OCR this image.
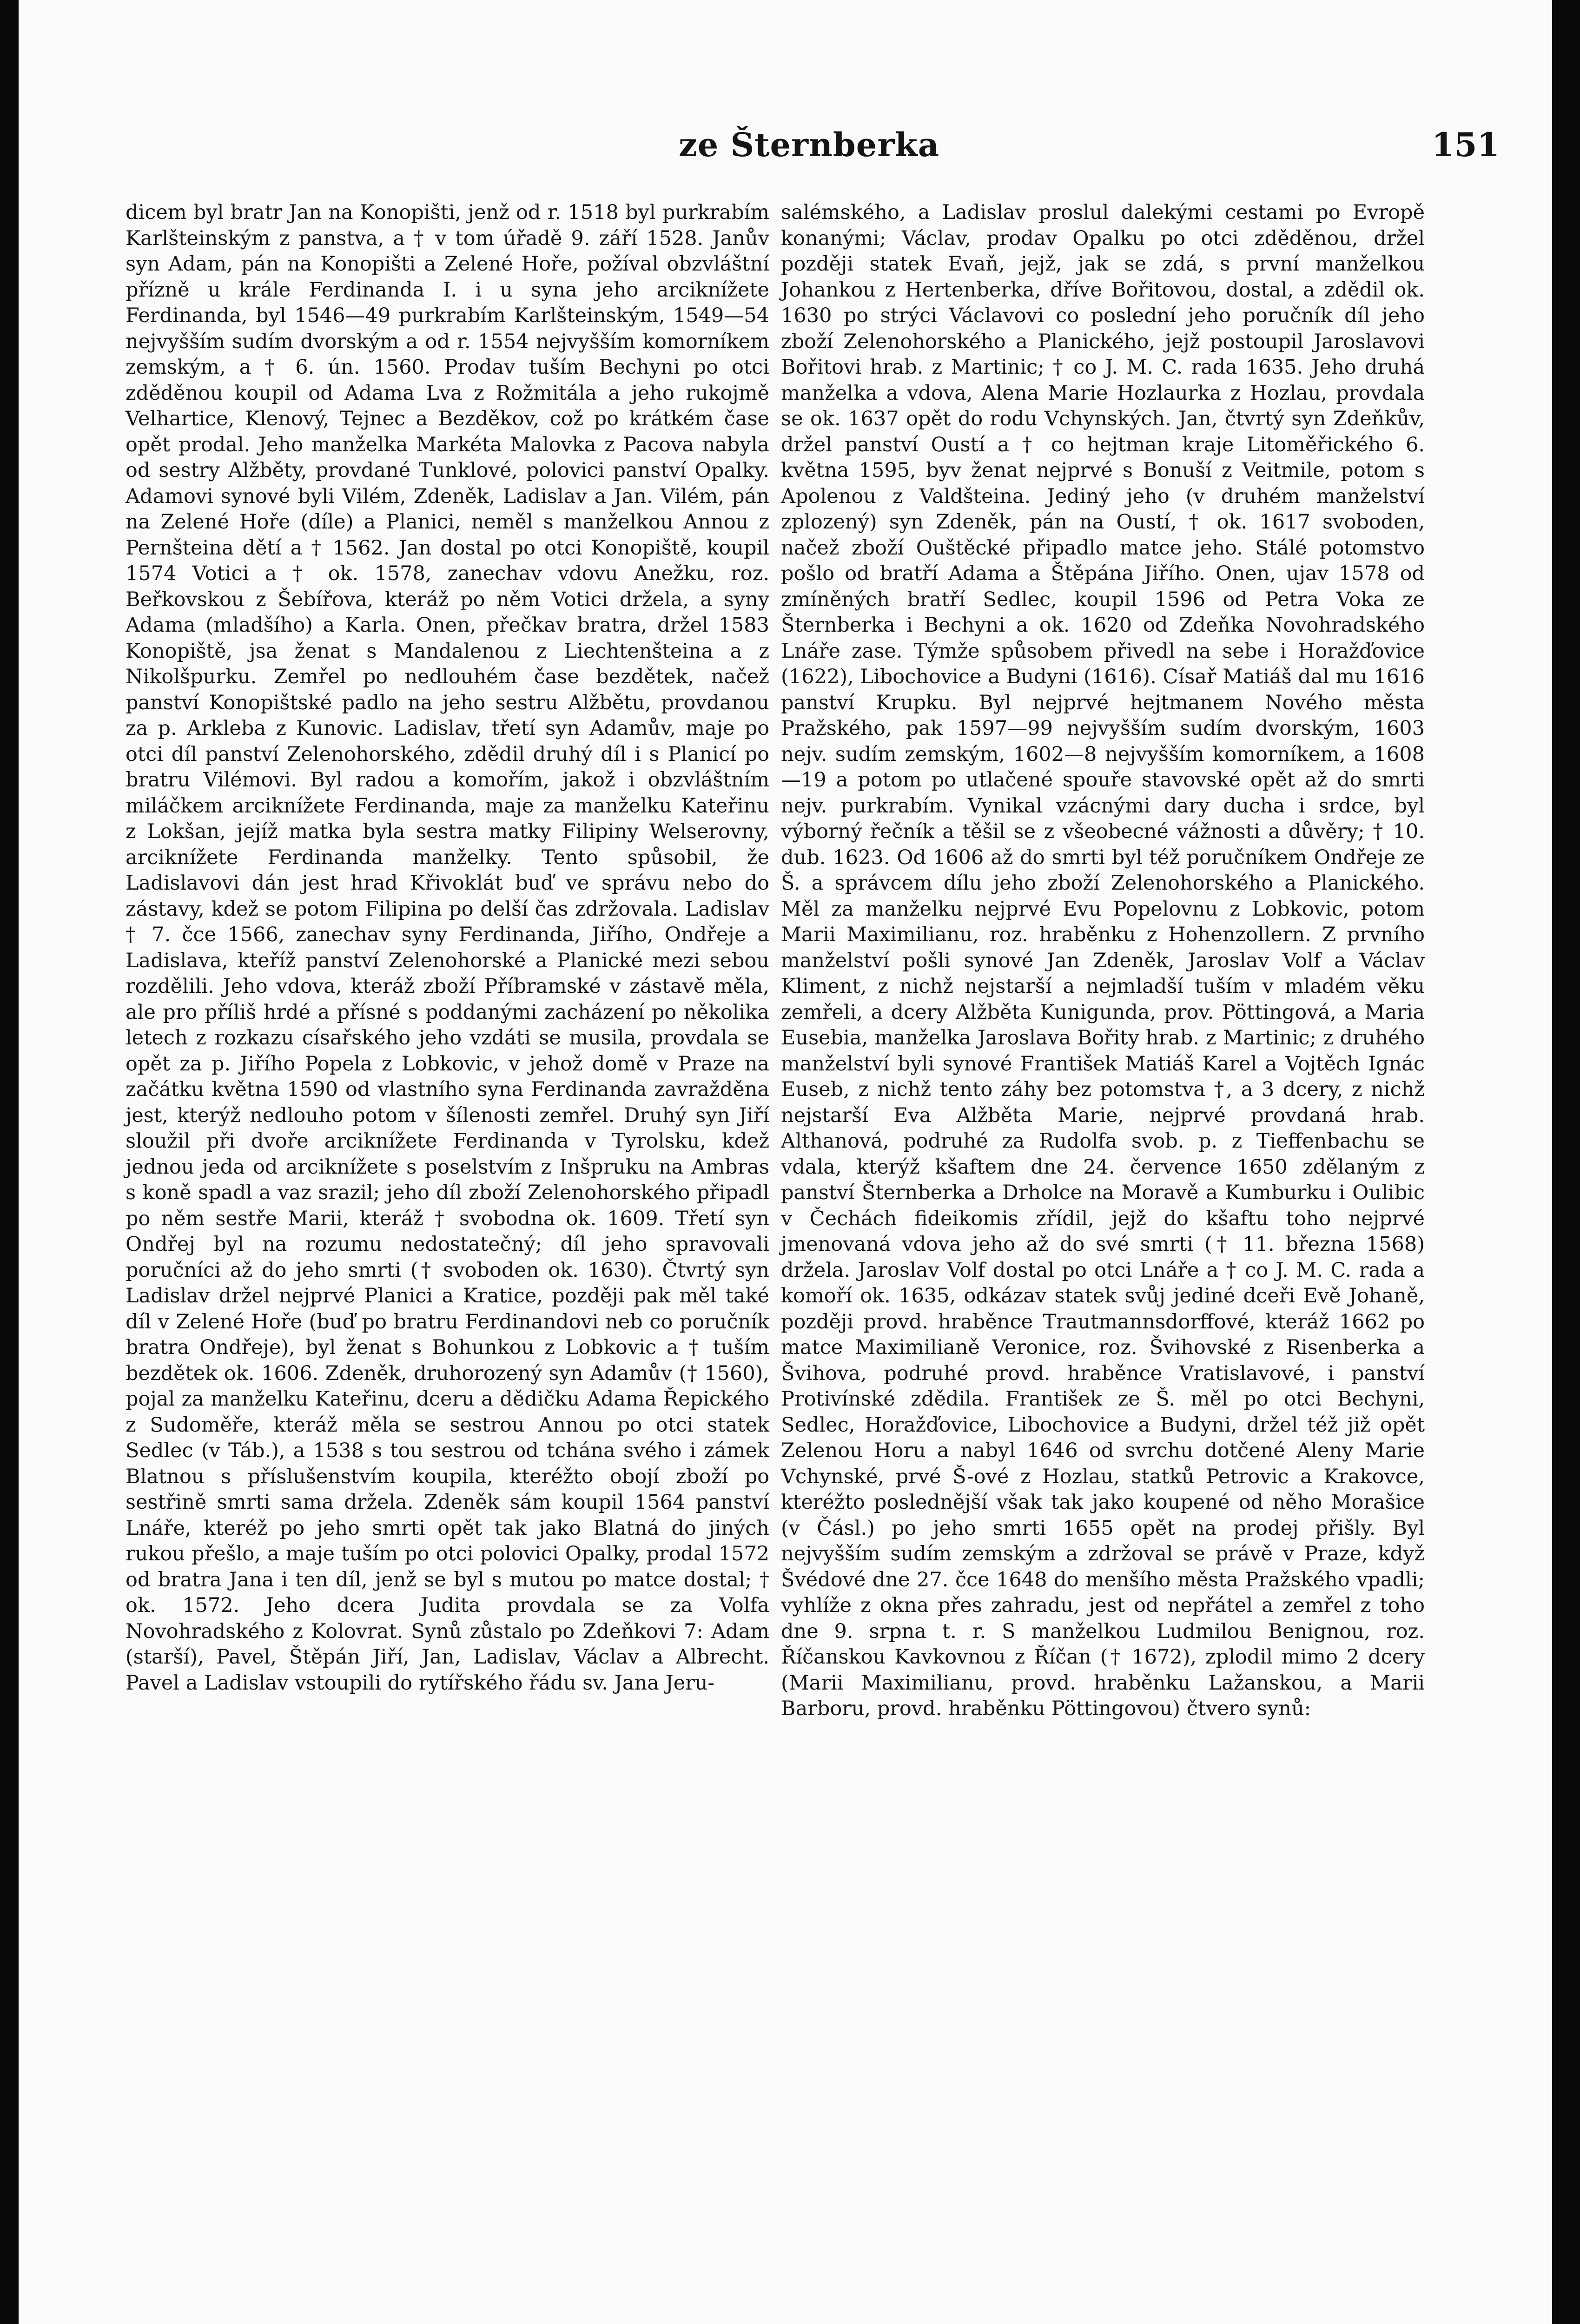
ze Šternberka	151

dicem byl bratr Jan na Konopišti, jenž od r. 1518 byl purkrabím Karlšteinským z panstva, a † v tom úřadě 9. září 1528. Janův syn Adam, pán na Konopišti a Zelené Hoře, požíval obzvláštní přízně u krále Ferdinanda I. i u syna jeho arciknížete Ferdinanda, byl 1546—49 purkrabím Karlšteinským, 1549—54 nejvyšším sudím dvorským a od r. 1554 nejvyšším komorníkem zemským, a † 6. ún. 1560. Prodav tuším Bechyni po otci zděděnou koupil od Adama Lva z Rožmitála a jeho rukojmě Velhartice, Klenový, Tejnec a Bezděkov, což po krátkém čase opět prodal. Jeho manželka Markéta Malovka z Pacova nabyla od sestry Alžběty, provdané Tunklové, polovici panství Opalky. Adamovi synové byli Vilém, Zdeněk, Ladislav a Jan. Vilém, pán na Zelené Hoře (díle) a Planici, neměl s manželkou Annou z Pernšteina dětí a † 1562. Jan dostal po otci Konopiště, koupil 1574 Votici a † ok. 1578, zanechav vdovu Anežku, roz. Beřkovskou z Šebířova, kteráž po něm Votici držela, a syny Adama (mladšího) a Karla. Onen, přečkav bratra, držel 1583 Konopiště, jsa ženat s Mandalenou z Liechtenšteina a z Nikolšpurku. Zemřel po nedlouhém čase bezdětek, načež panství Konopištské padlo na jeho sestru Alžbětu, provdanou za p. Arkleba z Kunovic. Ladislav, třetí syn Adamův, maje po otci díl panství Zelenohorského, zdědil druhý díl i s Planicí po bratru Vilémovi. Byl radou a komořím, jakož i obzvláštním miláčkem arciknížete Ferdinanda, maje za manželku Kateřinu z Lokšan, jejíž matka byla sestra matky Filipiny Welserovny, arciknížete Ferdinanda manželky. Tento spůsobil, že Ladislavovi dán jest hrad Křivoklát buď ve správu nebo do zástavy, kdež se potom Filipina po delší čas zdržovala. Ladislav † 7. čce 1566, zanechav syny Ferdinanda, Jiřího, Ondřeje a Ladislava, kteříž panství Zelenohorské a Planické mezi sebou rozdělili. Jeho vdova, kteráž zboží Příbramské v zástavě měla, ale pro příliš hrdé a přísné s poddanými zacházení po několika letech z rozkazu císařského jeho vzdáti se musila, provdala se opět za p. Jiřího Popela z Lobkovic, v jehož domě v Praze na začátku května 1590 od vlastního syna Ferdinanda zavražděna jest, kterýž nedlouho potom v šílenosti zemřel. Druhý syn Jiří sloužil při dvoře arciknížete Ferdinanda v Tyrolsku, kdež jednou jeda od arciknížete s poselstvím z Inšpruku na Ambras s koně spadl a vaz srazil; jeho díl zboží Zelenohorského připadl po něm sestře Marii, kteráž † svobodna ok. 1609. Třetí syn Ondřej byl na rozumu nedostatečný; díl jeho spravovali poručníci až do jeho smrti († svoboden ok. 1630). Čtvrtý syn Ladislav držel nejprvé Planici a Kratice, později pak měl také díl v Zelené Hoře (buď po bratru Ferdinandovi neb co poručník bratra Ondřeje), byl ženat s Bohunkou z Lobkovic a † tuším bezdětek ok. 1606. Zdeněk, druhorozený syn Adamův († 1560), pojal za manželku Kateřinu, dceru a dědičku Adama Řepického z Sudoměře, kteráž měla se sestrou Annou po otci statek Sedlec (v Táb.), a 1538 s tou sestrou od tchána svého i zámek Blatnou s příslušenstvím koupila, kteréžto obojí zboží po sestřině smrti sama držela. Zdeněk sám koupil 1564 panství Lnáře, kteréž po jeho smrti opět tak jako Blatná do jiných rukou přešlo, a maje tuším po otci polovici Opalky, prodal 1572 od bratra Jana i ten díl, jenž se byl s mutou po matce dostal; † ok. 1572. Jeho dcera Judita provdala se za Volfa Novohradského z Kolovrat. Synů zůstalo po Zdeňkovi 7: Adam (starší), Pavel, Štěpán Jiří, Jan, Ladislav, Václav a Albrecht. Pavel a Ladislav vstoupili do rytířského řádu sv. Jana Jeru-

salémského, a Ladislav proslul dalekými cestami po Evropě konanými; Václav, prodav Opalku po otci zděděnou, držel později statek Evaň, jejž, jak se zdá, s první manželkou Johankou z Hertenberka, dříve Bořitovou, dostal, a zdědil ok. 1630 po strýci Václavovi co poslední jeho poručník díl jeho zboží Zelenohorského a Planického, jejž postoupil Jaroslavovi Bořitovi hrab. z Martinic; † co J. M. C. rada 1635. Jeho druhá manželka a vdova, Alena Marie Hozlaurka z Hozlau, provdala se ok. 1637 opět do rodu Vchynských. Jan, čtvrtý syn Zdeňkův, držel panství Oustí a † co hejtman kraje Litoměřického 6. května 1595, byv ženat nejprvé s Bonuší z Veitmile, potom s Apolenou z Valdšteina. Jediný jeho (v druhém manželství zplozený) syn Zdeněk, pán na Oustí, † ok. 1617 svoboden, načež zboží Ouštěcké připadlo matce jeho. Stálé potomstvo pošlo od bratří Adama a Štěpána Jiřího. Onen, ujav 1578 od zmíněných bratří Sedlec, koupil 1596 od Petra Voka ze Šternberka i Bechyni a ok. 1620 od Zdeňka Novohradského Lnáře zase. Týmže spůsobem přivedl na sebe i Horažďovice (1622), Libochovice a Budyni (1616). Císař Matiáš dal mu 1616 panství Krupku. Byl nejprvé hejtmanem Nového města Pražského, pak 1597—99 nejvyšším sudím dvorským, 1603 nejv. sudím zemským, 1602—8 nejvyšším komorníkem, a 1608—19 a potom po utlačené spouře stavovské opět až do smrti nejv. purkrabím. Vynikal vzácnými dary ducha i srdce, byl výborný řečník a těšil se z všeobecné vážnosti a důvěry; † 10. dub. 1623. Od 1606 až do smrti byl též poručníkem Ondřeje ze Š. a správcem dílu jeho zboží Zelenohorského a Planického. Měl za manželku nejprvé Evu Popelovnu z Lobkovic, potom Marii Maximilianu, roz. hraběnku z Hohenzollern. Z prvního manželství pošli synové Jan Zdeněk, Jaroslav Volf a Václav Kliment, z nichž nejstarší a nejmladší tuším v mladém věku zemřeli, a dcery Alžběta Kunigunda, prov. Pöttingová, a Maria Eusebia, manželka Jaroslava Bořity hrab. z Martinic; z druhého manželství byli synové František Matiáš Karel a Vojtěch Ignác Euseb, z nichž tento záhy bez potomstva †, a 3 dcery, z nichž nejstarší Eva Alžběta Marie, nejprvé provdaná hrab. Althanová, podruhé za Rudolfa svob. p. z Tieffenbachu se vdala, kterýž kšaftem dne 24. července 1650 zdělaným z panství Šternberka a Drholce na Moravě a Kumburku i Oulibic v Čechách fideikomis zřídil, jejž do kšaftu toho nejprvé jmenovaná vdova jeho až do své smrti († 11. března 1568) držela. Jaroslav Volf dostal po otci Lnáře a † co J. M. C. rada a komoří ok. 1635, odkázav statek svůj jediné dceři Evě Johaně, později provd. hraběnce Trautmannsdorffové, kteráž 1662 po matce Maximilianě Veronice, roz. Švihovské z Risenberka a Švihova, podruhé provd. hraběnce Vratislavové, i panství Protivínské zdědila. František ze Š. měl po otci Bechyni, Sedlec, Horažďovice, Libochovice a Budyni, držel též již opět Zelenou Horu a nabyl 1646 od svrchu dotčené Aleny Marie Vchynské, prvé Š-ové z Hozlau, statků Petrovic a Krakovce, kteréžto poslednější však tak jako koupené od něho Morašice (v Čásl.) po jeho smrti 1655 opět na prodej přišly. Byl nejvyšším sudím zemským a zdržoval se právě v Praze, když Švédové dne 27. čce 1648 do menšího města Pražského vpadli; vyhlíže z okna přes zahradu, jest od nepřátel a zemřel z toho dne 9. srpna t. r. S manželkou Ludmilou Benignou, roz. Říčanskou Kavkovnou z Říčan († 1672), zplodil mimo 2 dcery (Marii Maximilianu, provd. hraběnku Lažanskou, a Marii Barboru, provd. hraběnku Pöttingovou) čtvero synů:
